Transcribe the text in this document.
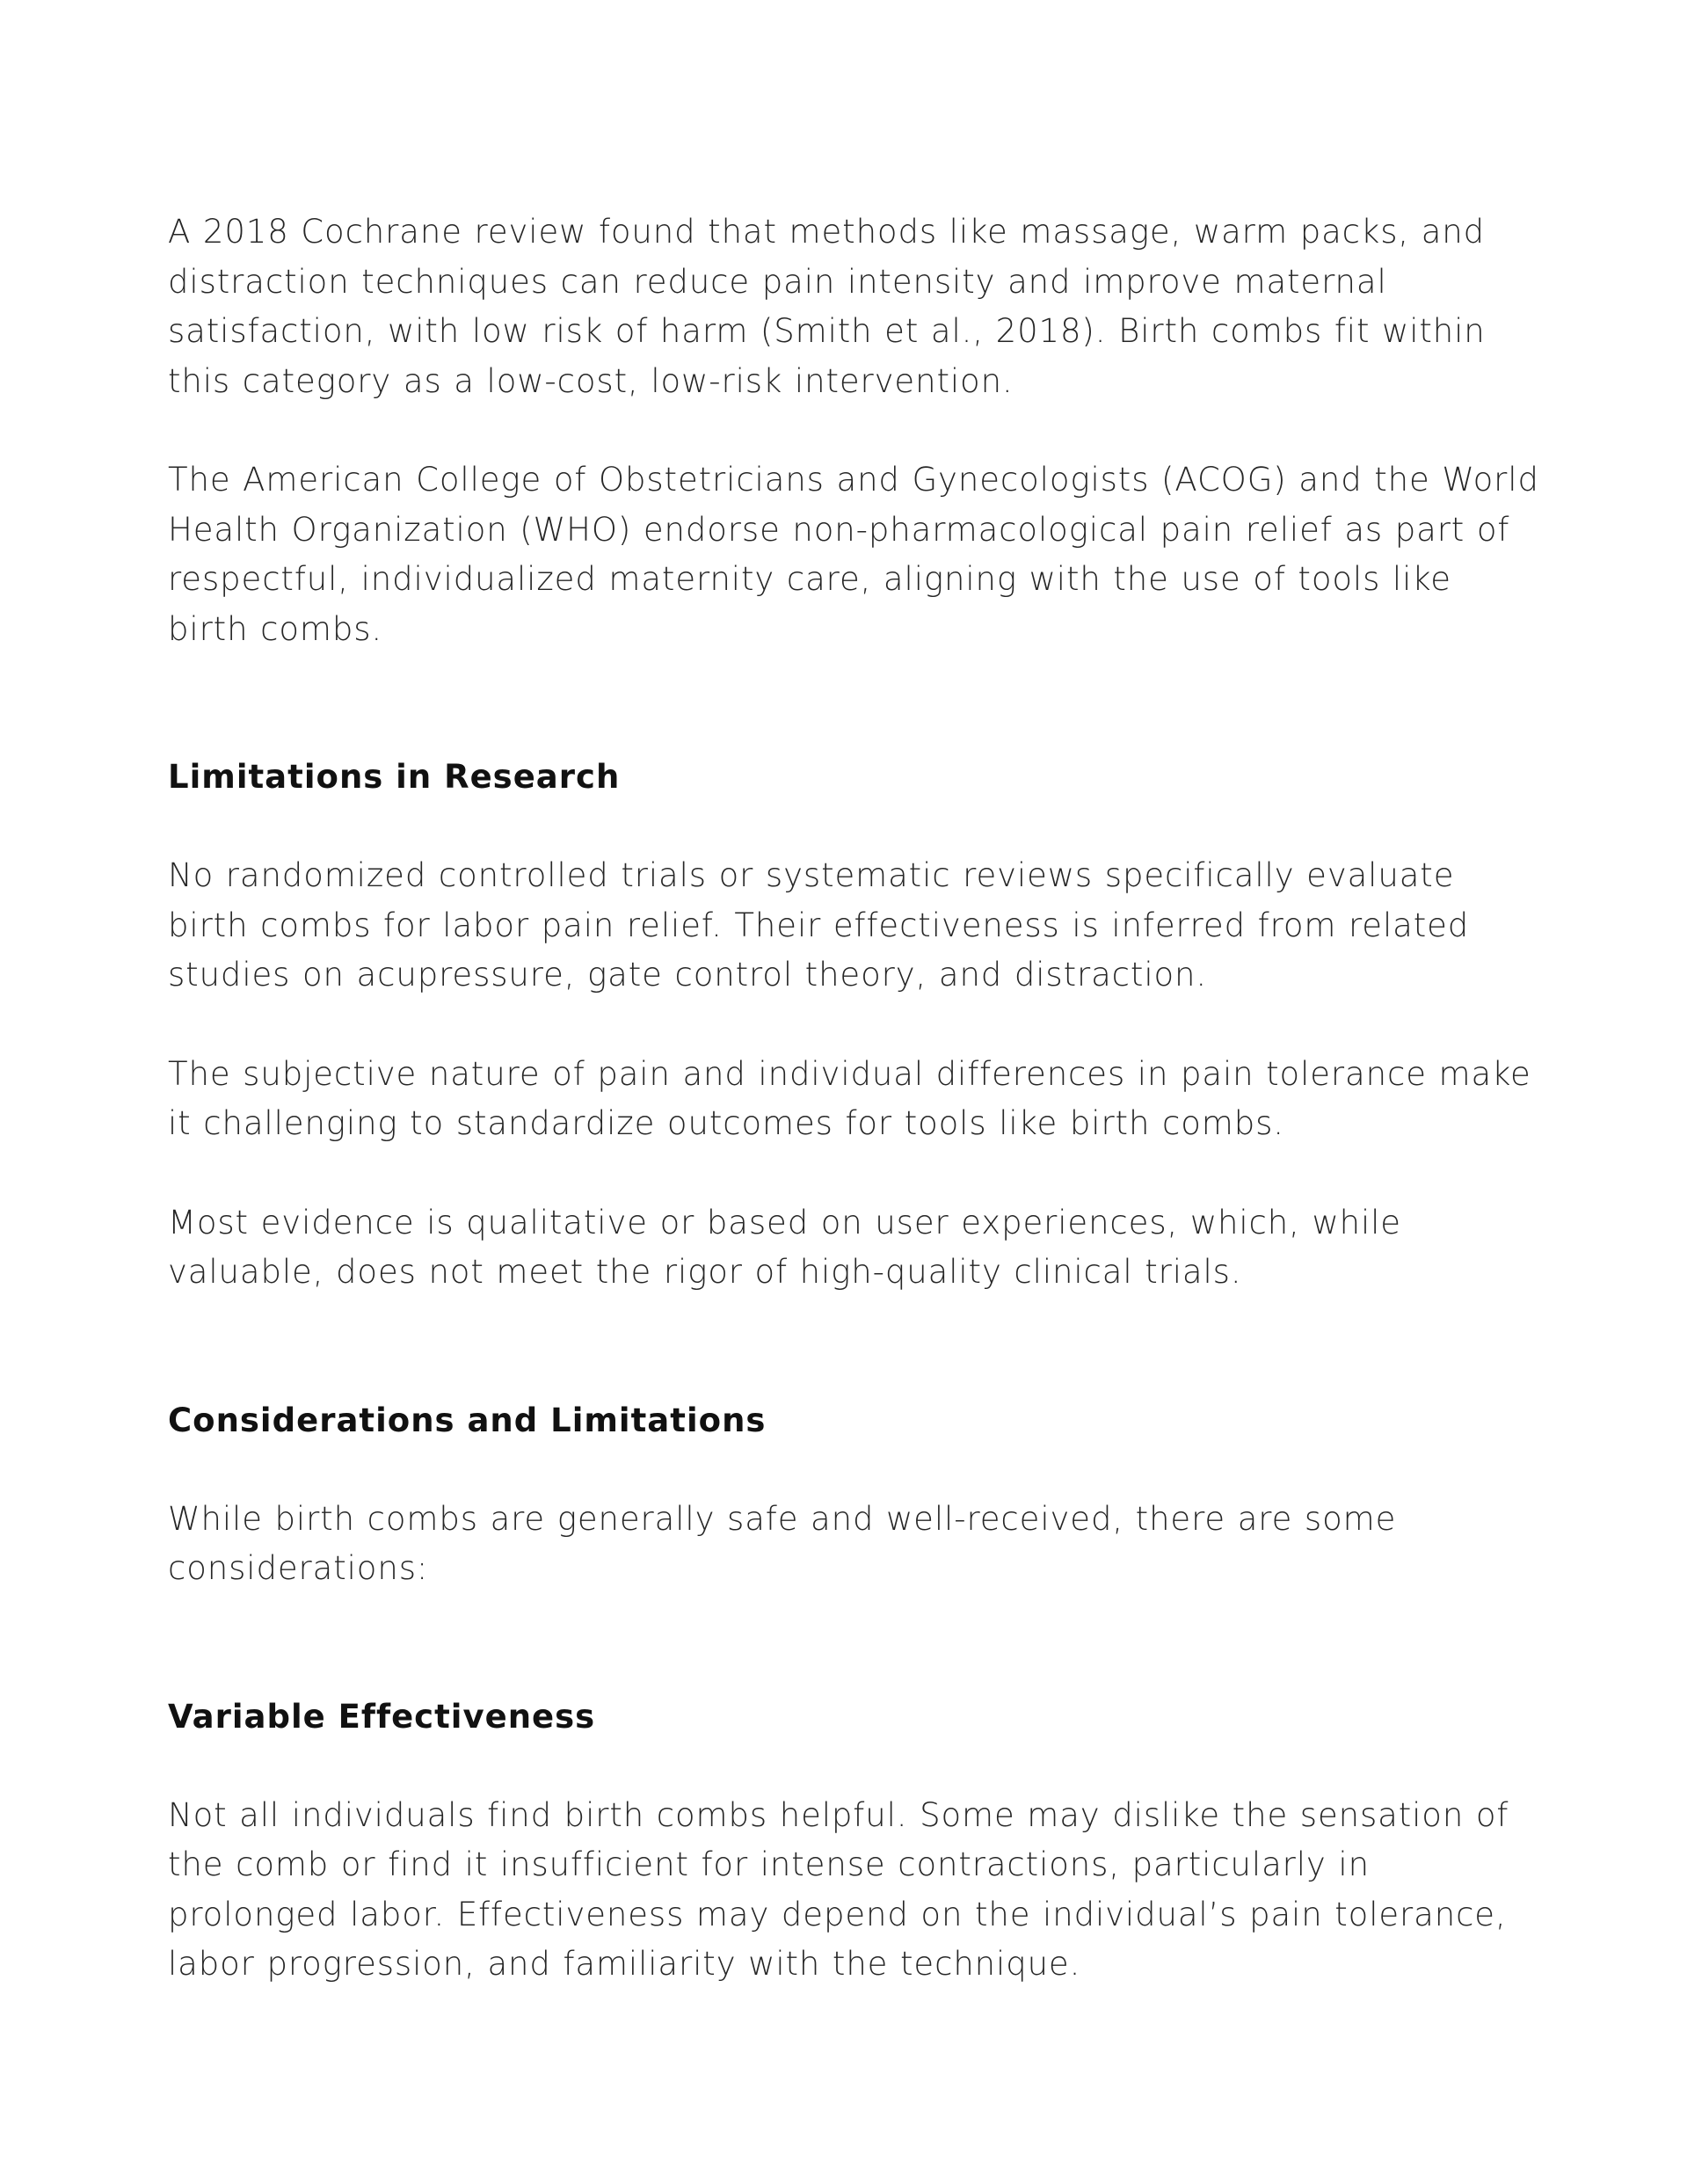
A 2018 Cochrane review found that methods like massage, warm packs, and distraction techniques can reduce pain intensity and improve maternal satisfaction, with low risk of harm (Smith et al., 2018). Birth combs fit within this category as a low-cost, low-risk intervention.

The American College of Obstetricians and Gynecologists (ACOG) and the World Health Organization (WHO) endorse non-pharmacological pain relief as part of respectful, individualized maternity care, aligning with the use of tools like birth combs.

Limitations in Research

No randomized controlled trials or systematic reviews specifically evaluate birth combs for labor pain relief. Their effectiveness is inferred from related studies on acupressure, gate control theory, and distraction.

The subjective nature of pain and individual differences in pain tolerance make it challenging to standardize outcomes for tools like birth combs.

Most evidence is qualitative or based on user experiences, which, while valuable, does not meet the rigor of high-quality clinical trials.

Considerations and Limitations

While birth combs are generally safe and well-received, there are some considerations:

Variable Effectiveness

Not all individuals find birth combs helpful. Some may dislike the sensation of the comb or find it insufficient for intense contractions, particularly in prolonged labor. Effectiveness may depend on the individual’s pain tolerance, labor progression, and familiarity with the technique.
